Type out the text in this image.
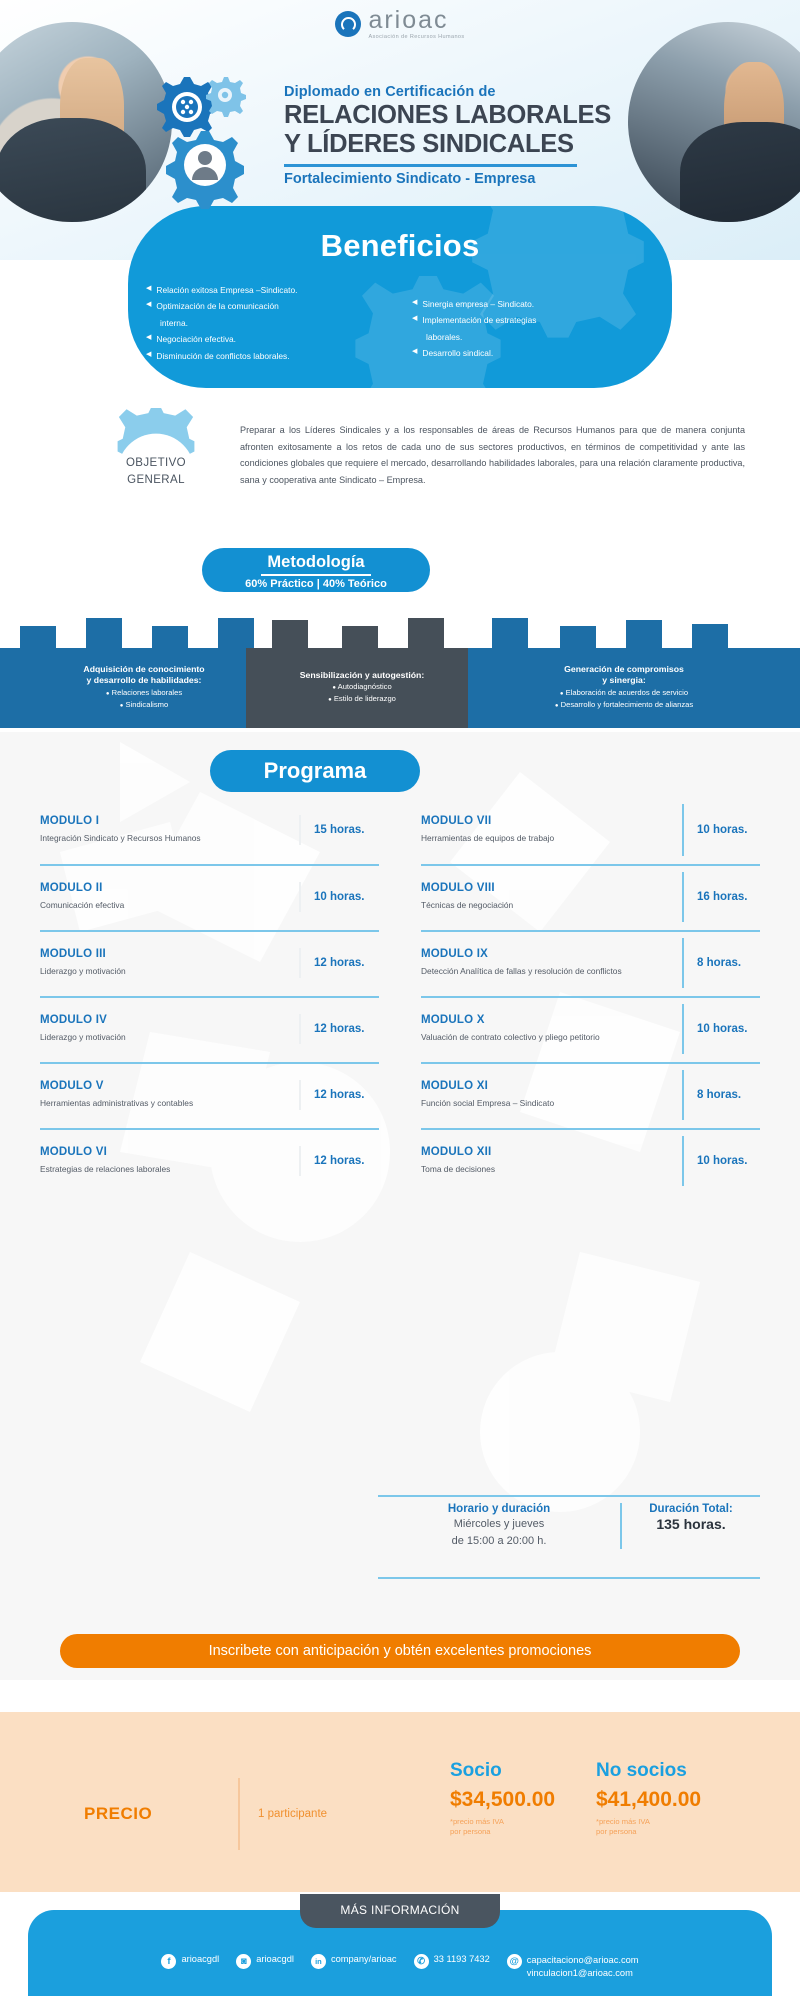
arioac
Asociación de Recursos Humanos
Diplomado en Certificación de
RELACIONES LABORALES
Y LÍDERES SINDICALES
Fortalecimiento Sindicato - Empresa
Beneficios
◀ Relación exitosa Empresa –Sindicato.
◀ Optimización de la comunicación
interna.
◀ Negociación efectiva.
◀ Disminución de conflictos laborales.
◀ Sinergia empresa – Sindicato.
◀ Implementación de estrategias
laborales.
◀ Desarrollo sindical.
OBJETIVO
GENERAL
Preparar a los Líderes Sindicales y a los responsables de áreas de Recursos Humanos para que de manera conjunta afronten exitosamente a los retos de cada uno de sus sectores productivos, en términos de competitividad y ante las condiciones globales que requiere el mercado, desarrollando habilidades laborales, para una relación claramente productiva, sana y cooperativa ante Sindicato – Empresa.
Metodología

60% Práctico | 40% Teórico

Adquisición de conocimiento
y desarrollo de habilidades:
● Relaciones laborales
● Sindicalismo
Sensibilización y autogestión:
● Autodiagnóstico
● Estilo de liderazgo
Generación de compromisos
y sinergia:
● Elaboración de acuerdos de servicio
● Desarrollo y fortalecimiento de alianzas
Programa
MODULO I
Integración Sindicato y Recursos Humanos
15 horas.
MODULO II
Comunicación efectiva
10 horas.
MODULO III
Liderazgo y motivación
12 horas.
MODULO IV
Liderazgo y motivación
12 horas.
MODULO V
Herramientas administrativas y contables
12 horas.
MODULO VI
Estrategias de relaciones laborales
12 horas.
MODULO VII
Herramientas de equipos de trabajo
10 horas.
MODULO VIII
Técnicas de negociación
16 horas.
MODULO IX
Detección Analítica de fallas y resolución de conflictos
8 horas.
MODULO X
Valuación de contrato colectivo y pliego petitorio
10 horas.
MODULO XI
Función social Empresa – Sindicato
8 horas.
MODULO XII
Toma de decisiones
10 horas.
Horario y duración
Miércoles y jueves
de 15:00 a 20:00 h.
Duración Total:
135 horas.
Inscribete con anticipación y obtén excelentes promociones
PRECIO	1 participante
Socio
$34,500.00
*precio más IVA
por persona
No socios
$41,400.00
*precio más IVA
por persona
f	arioacgdl	◙	arioacgdl	in company/arioac	✆ 33 1193 7432	@ capacitaciono@arioac.com
vinculacion1@arioac.com
MÁS INFORMACIÓN
